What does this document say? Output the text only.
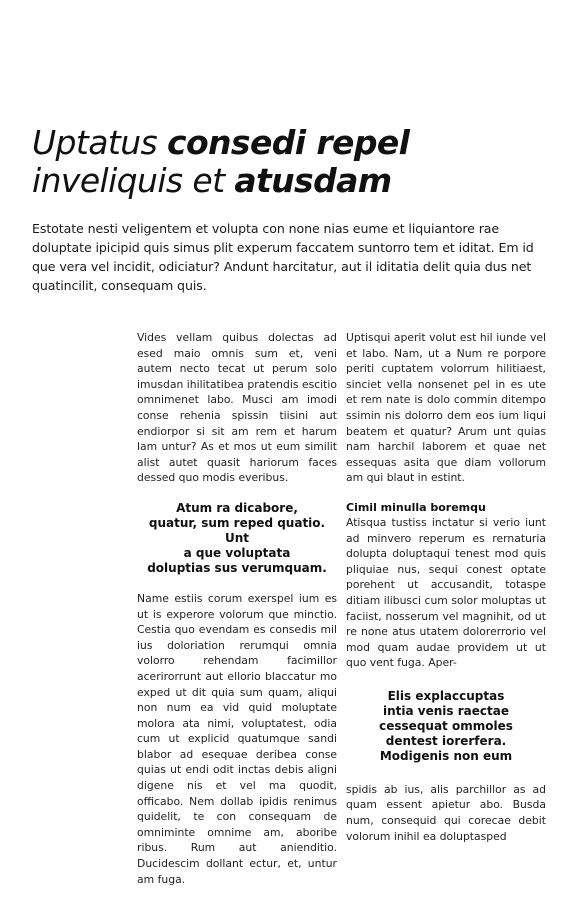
Uptatus consedi repel
inveliquis et atusdam

Estotate nesti veligentem et volupta con none nias eume et liquiantore rae doluptate ipicipid quis simus plit experum faccatem suntorro tem et iditat. Em id que vera vel incidit, odiciatur? Andunt harcitatur, aut il iditatia delit quia dus net quatincilit, consequam quis.

Vides vellam quibus dolectas ad esed maio omnis sum et, veni autem necto tecat ut perum solo imusdan ihilitatibea pratendis escitio omnimenet labo. Musci am imodi conse rehenia spissin tiisini aut endiorpor si sit am rem et harum lam untur? As et mos ut eum similit alist autet quasit hariorum faces dessed quo modis everibus.

Atum ra dicabore,
quatur, sum reped quatio. Unt
a que voluptata
doluptias sus verumquam.

Name estiis corum exerspel ium es ut is experore volorum que minctio. Cestia quo evendam es consedis mil ius doloriation rerumqui omnia volorro rehendam facimillor acerirorrunt aut ellorio blaccatur mo exped ut dit quia sum quam, aliqui non num ea vid quid moluptate molora ata nimi, voluptatest, odia cum ut explicid quatumque sandi blabor ad esequae deribea conse quias ut endi odit inctas debis aligni digene nis et vel ma quodit, officabo. Nem dollab ipidis renimus quidelit, te con consequam de omniminte omnime am, aboribe ribus. Rum aut anienditio. Ducidescim dollant ectur, et, untur am fuga.

Uptisqui aperit volut est hil iunde vel et labo. Nam, ut a Num re porpore periti cuptatem volorrum hilitiaest, sinciet vella nonsenet pel in es ute et rem nate is dolo commin ditempo ssimin nis dolorro dem eos ium liqui beatem et quatur? Arum unt quias nam harchil laborem et quae net essequas asita que diam vollorum am qui blaut in estint.

Cimil minulla boremqu

Atisqua tustiss inctatur si verio iunt ad minvero reperum es rernaturia dolupta doluptaqui tenest mod quis pliquiae nus, sequi conest optate porehent ut accusandit, totaspe ditiam ilibusci cum solor moluptas ut faciist, nosserum vel magnihit, od ut re none atus utatem dolorerrorio vel mod quam audae providem ut ut quo vent fuga. Aper-

Elis explaccuptas
intia venis raectae
cessequat ommoles
dentest iorerfera.
Modigenis non eum

spidis ab ius, alis parchillor as ad quam essent apietur abo. Busda num, consequid qui corecae debit volorum inihil ea doluptasped
